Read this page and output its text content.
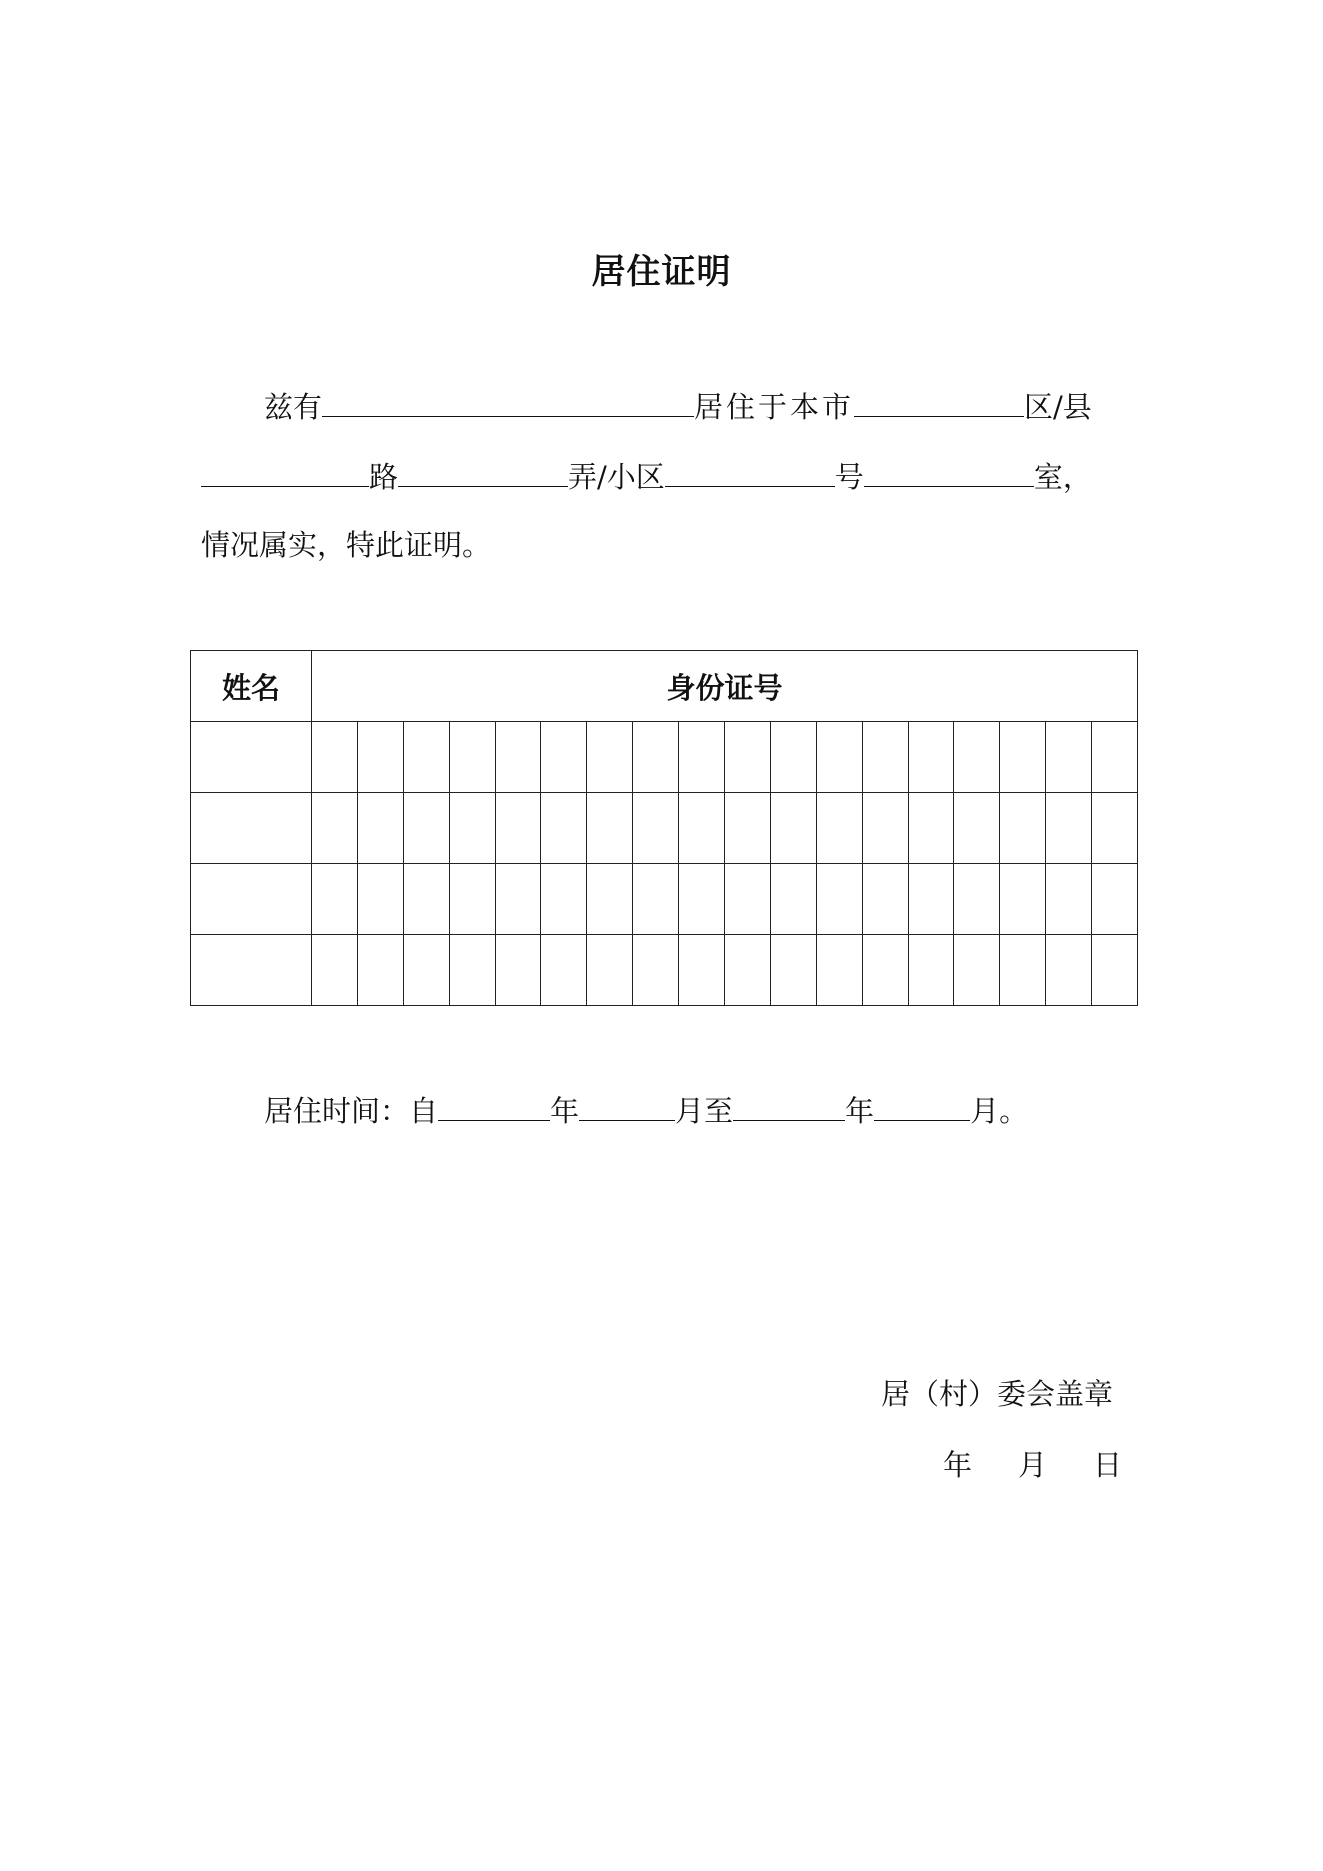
居住证明
兹有	居住于本市	区/县
路	弄/小区	号	室，
情况属实，特此证明。
姓名	身份证号																	

居住时间：自	年	月至	年	月。
居（村）委会盖章
年 月 日
